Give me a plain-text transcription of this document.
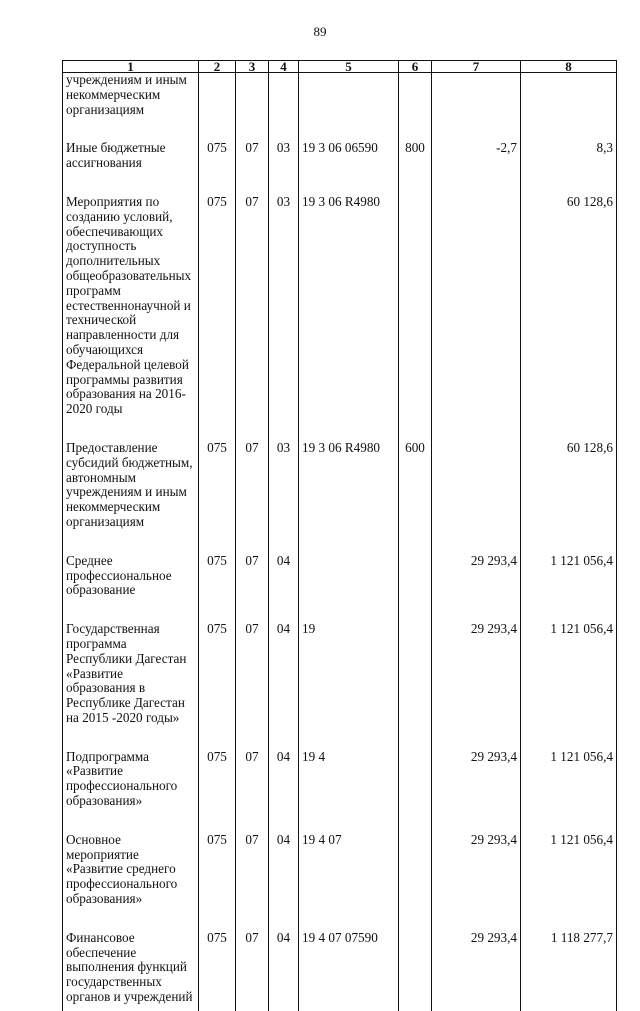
89
1	2	3	4	5	6	7	8
учреждениям и иным некоммерческим организациям							
Иные бюджетные ассигнования	075	07	03	19 3 06 06590	800	-2,7	8,3
Мероприятия по созданию условий, обеспечивающих доступность дополнительных общеобразовательных программ естественнонаучной и технической направленности для обучающихся Федеральной целевой программы развития образования на 2016-2020 годы	075	07	03	19 3 06 R4980			60 128,6
Предоставление субсидий бюджетным, автономным учреждениям и иным некоммерческим организациям	075	07	03	19 3 06 R4980	600		60 128,6
Среднее профессиональное образование	075	07	04			29 293,4	1 121 056,4
Государственная программа Республики Дагестан «Развитие образования в Республике Дагестан на 2015 -2020 годы»	075	07	04	19		29 293,4	1 121 056,4
Подпрограмма «Развитие профессионального образования»	075	07	04	19 4		29 293,4	1 121 056,4
Основное мероприятие «Развитие среднего профессионального образования»	075	07	04	19 4 07		29 293,4	1 121 056,4
Финансовое обеспечение выполнения функций государственных органов и учреждений	075	07	04	19 4 07 07590		29 293,4	1 118 277,7
